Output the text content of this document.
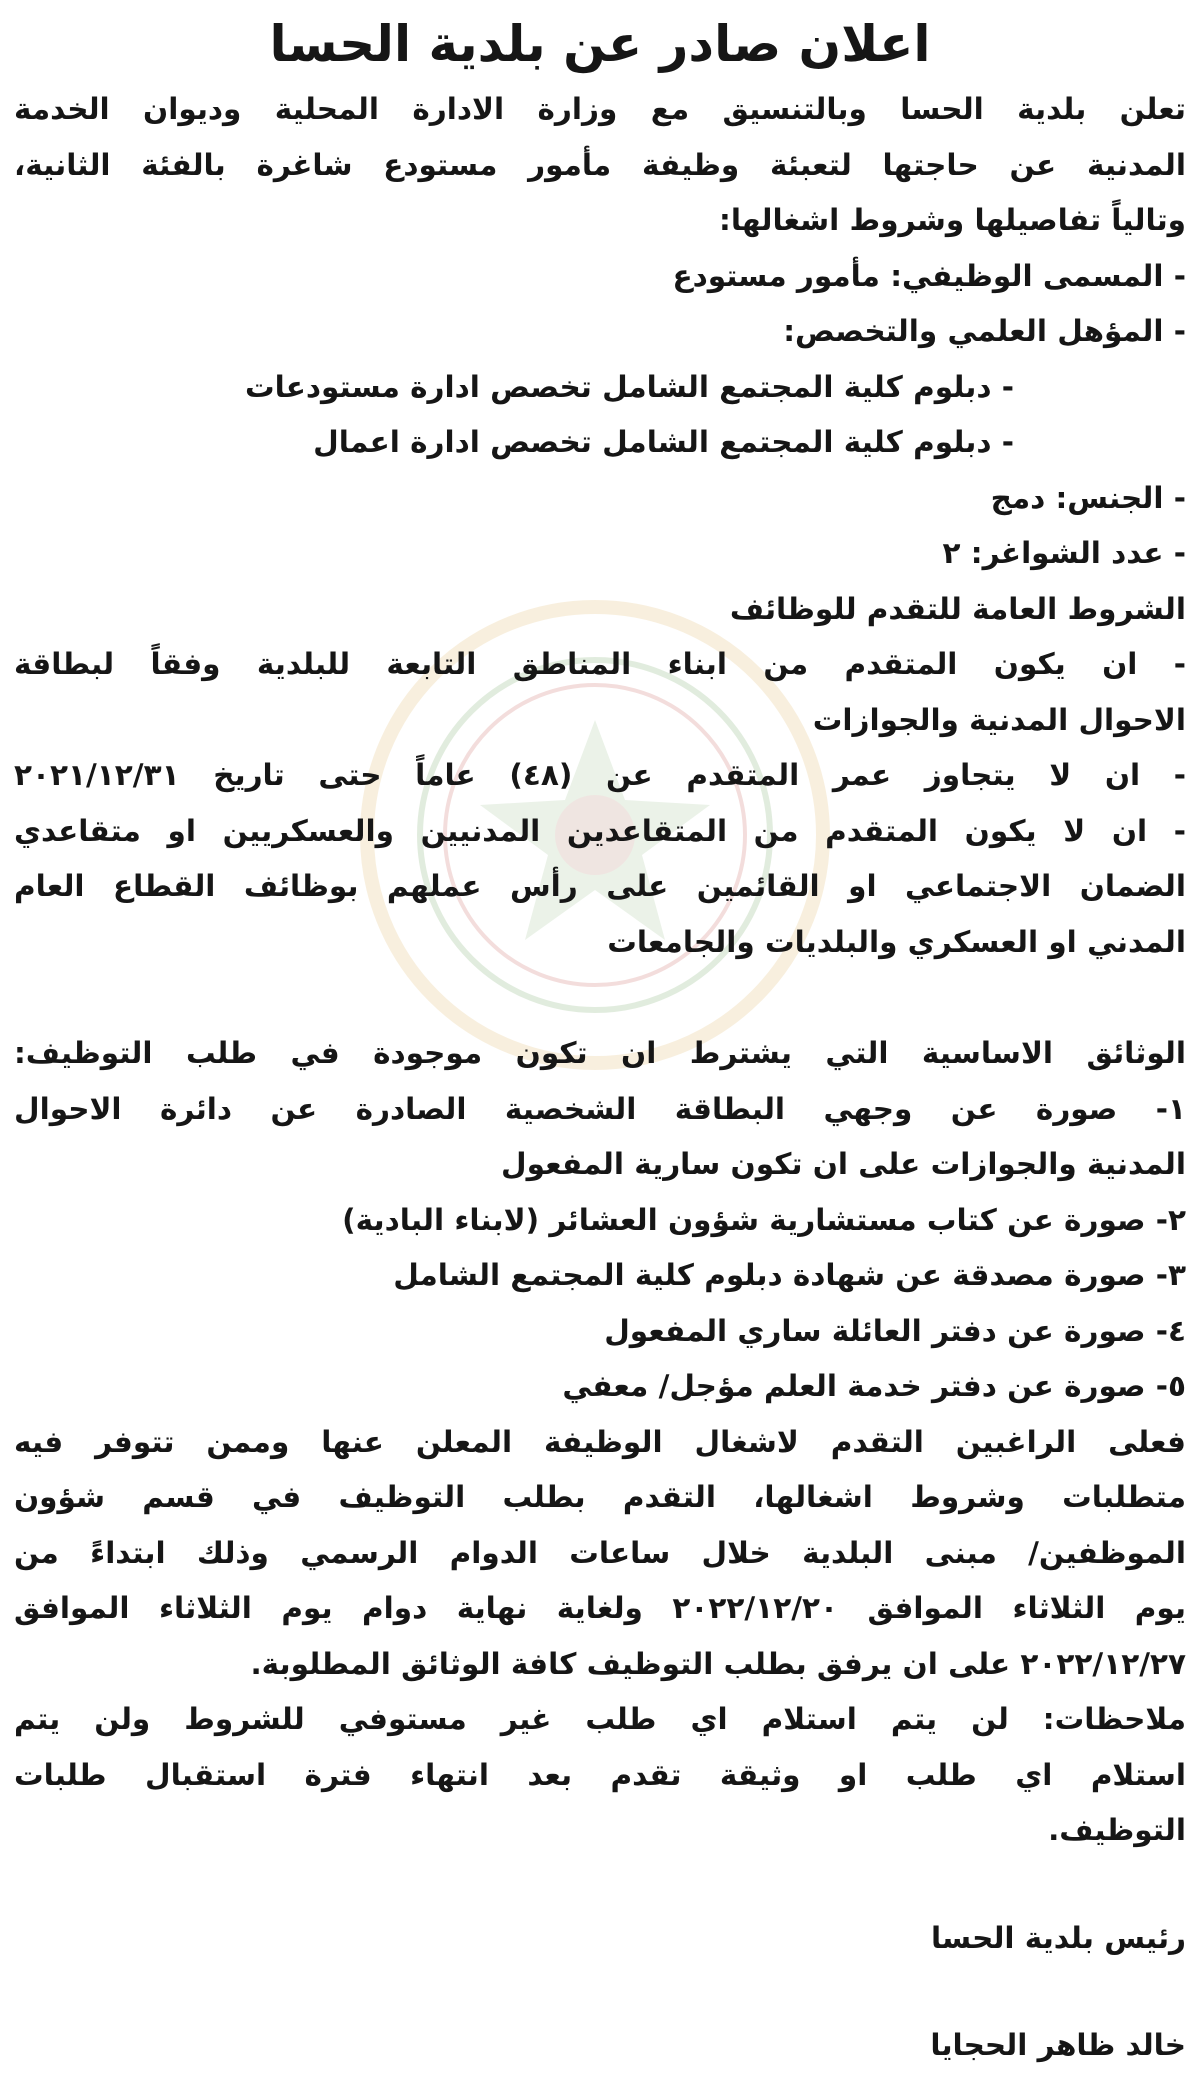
اعلان صادر عن بلدية الحسا
تعلن بلدية الحسا وبالتنسيق مع وزارة الادارة المحلية وديوان الخدمة
المدنية عن حاجتها لتعبئة وظيفة مأمور مستودع شاغرة بالفئة الثانية،
وتالياً تفاصيلها وشروط اشغالها:
- المسمى الوظيفي: مأمور مستودع
- المؤهل العلمي والتخصص:
- دبلوم كلية المجتمع الشامل تخصص ادارة مستودعات
- دبلوم كلية المجتمع الشامل تخصص ادارة اعمال
- الجنس: دمج
- عدد الشواغر: ٢
الشروط العامة للتقدم للوظائف
- ان يكون المتقدم من ابناء المناطق التابعة للبلدية وفقاً لبطاقة
الاحوال المدنية والجوازات
- ان لا يتجاوز عمر المتقدم عن (٤٨) عاماً حتى تاريخ ٢٠٢١/١٢/٣١
- ان لا يكون المتقدم من المتقاعدين المدنيين والعسكريين او متقاعدي
الضمان الاجتماعي او القائمين على رأس عملهم بوظائف القطاع العام
المدني او العسكري والبلديات والجامعات
الوثائق الاساسية التي يشترط ان تكون موجودة في طلب التوظيف:
١- صورة عن وجهي البطاقة الشخصية الصادرة عن دائرة الاحوال
المدنية والجوازات على ان تكون سارية المفعول
٢- صورة عن كتاب مستشارية شؤون العشائر (لابناء البادية)
٣- صورة مصدقة عن شهادة دبلوم كلية المجتمع الشامل
٤- صورة عن دفتر العائلة ساري المفعول
٥- صورة عن دفتر خدمة العلم مؤجل/ معفي
فعلى الراغبين التقدم لاشغال الوظيفة المعلن عنها وممن تتوفر فيه
متطلبات وشروط اشغالها، التقدم بطلب التوظيف في قسم شؤون
الموظفين/ مبنى البلدية خلال ساعات الدوام الرسمي وذلك ابتداءً من
يوم الثلاثاء الموافق ٢٠٢٢/١٢/٢٠ ولغاية نهاية دوام يوم الثلاثاء الموافق
٢٠٢٢/١٢/٢٧ على ان يرفق بطلب التوظيف كافة الوثائق المطلوبة.
ملاحظات: لن يتم استلام اي طلب غير مستوفي للشروط ولن يتم
استلام اي طلب او وثيقة تقدم بعد انتهاء فترة استقبال طلبات
التوظيف.
رئيس بلدية الحسا
خالد ظاهر الحجايا
